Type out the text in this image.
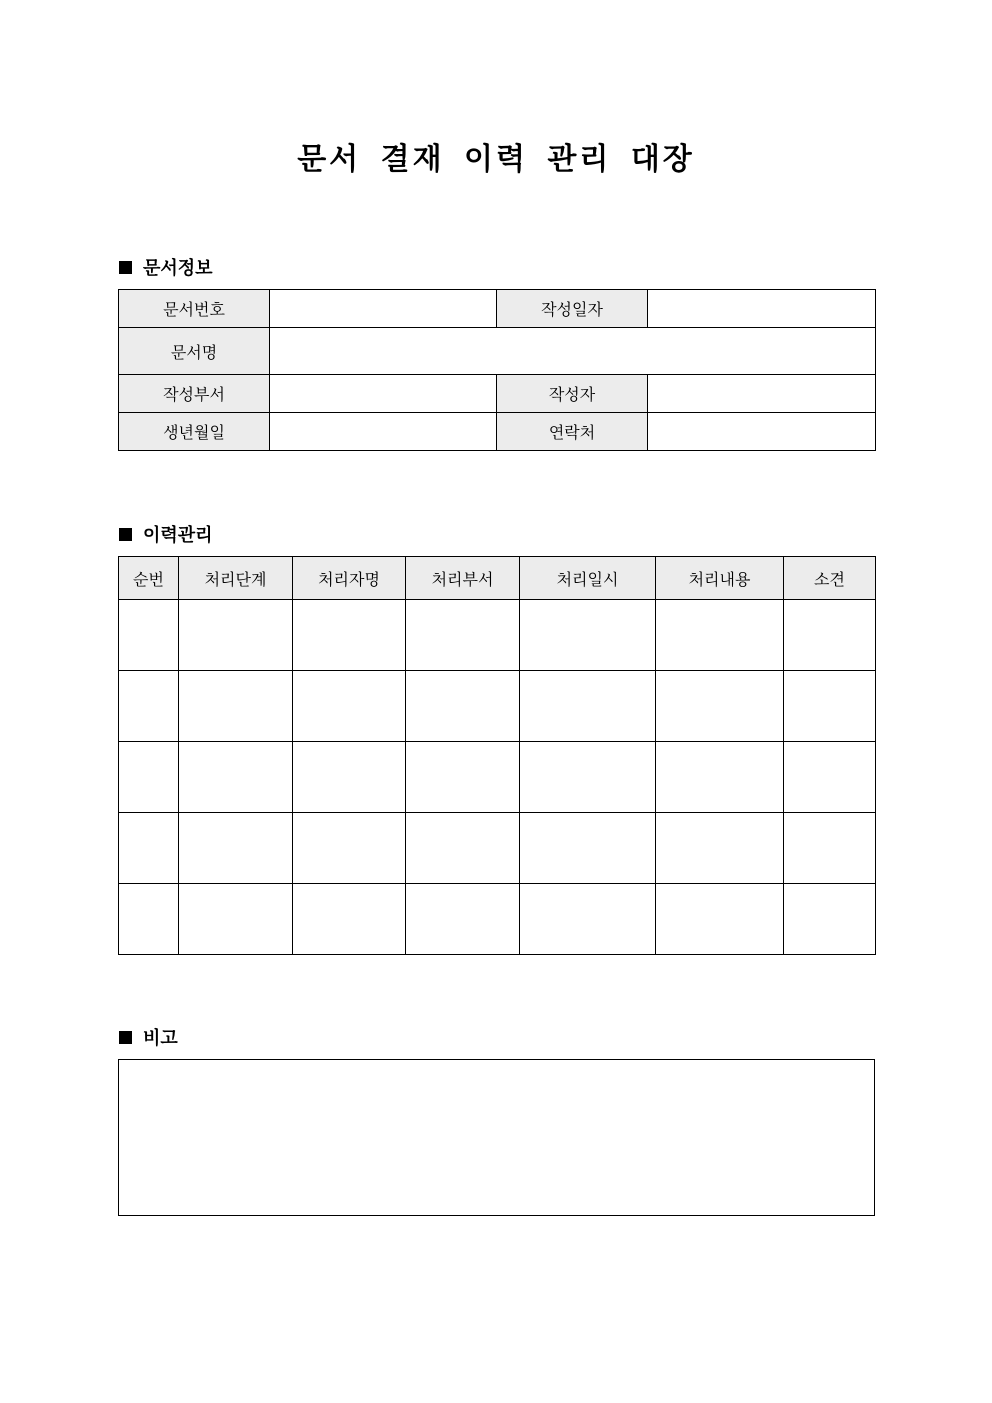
문서 결재 이력 관리 대장
문서정보
문서번호		작성일자	
문서명			
작성부서		작성자	
생년월일		연락처	
이력관리
순번	처리단계	처리자명	처리부서	처리일시	처리내용	소견

비고
